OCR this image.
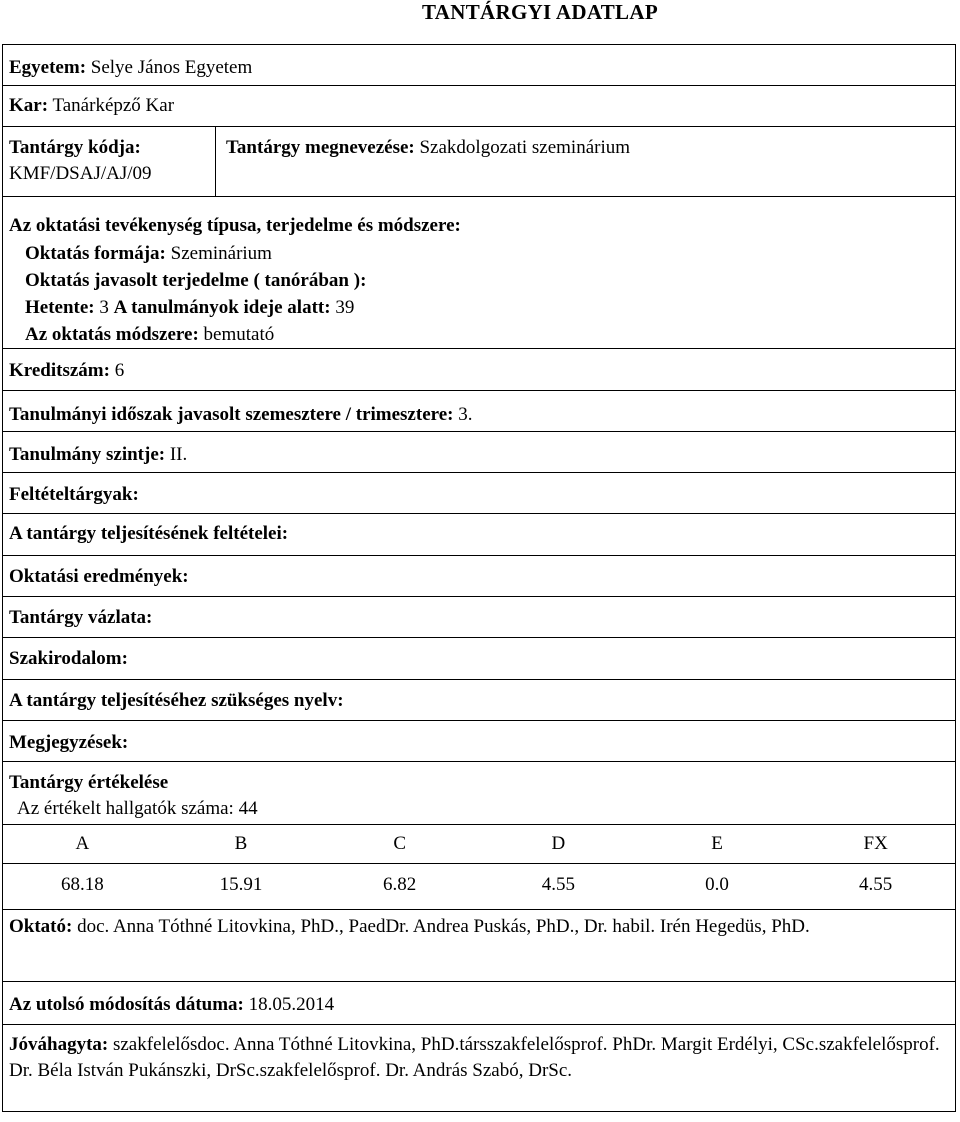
TANTÁRGYI ADATLAP
Egyetem: Selye János Egyetem
Kar: Tanárképző Kar
Tantárgy kódja:
KMF/DSAJ/AJ/09
Tantárgy megnevezése: Szakdolgozati szeminárium
Az oktatási tevékenység típusa, terjedelme és módszere:
Oktatás formája: Szeminárium
Oktatás javasolt terjedelme ( tanórában ):
Hetente: 3 A tanulmányok ideje alatt: 39
Az oktatás módszere: bemutató
Kreditszám: 6
Tanulmányi időszak javasolt szemesztere / trimesztere: 3.
Tanulmány szintje: II.
Feltételtárgyak:
A tantárgy teljesítésének feltételei:
Oktatási eredmények:
Tantárgy vázlata:
Szakirodalom:
A tantárgy teljesítéséhez szükséges nyelv:
Megjegyzések:
Tantárgy értékelése
Az értékelt hallgatók száma: 44
A	B	C	D	E	FX
68.18	15.91	6.82	4.55	0.0	4.55
Oktató: doc. Anna Tóthné Litovkina, PhD., PaedDr. Andrea Puskás, PhD., Dr. habil. Irén Hegedüs, PhD.
Az utolsó módosítás dátuma: 18.05.2014
Jóváhagyta: szakfelelősdoc. Anna Tóthné Litovkina, PhD.társszakfelelősprof. PhDr. Margit Erdélyi, CSc.szakfelelősprof. Dr. Béla István Pukánszki, DrSc.szakfelelősprof. Dr. András Szabó, DrSc.
